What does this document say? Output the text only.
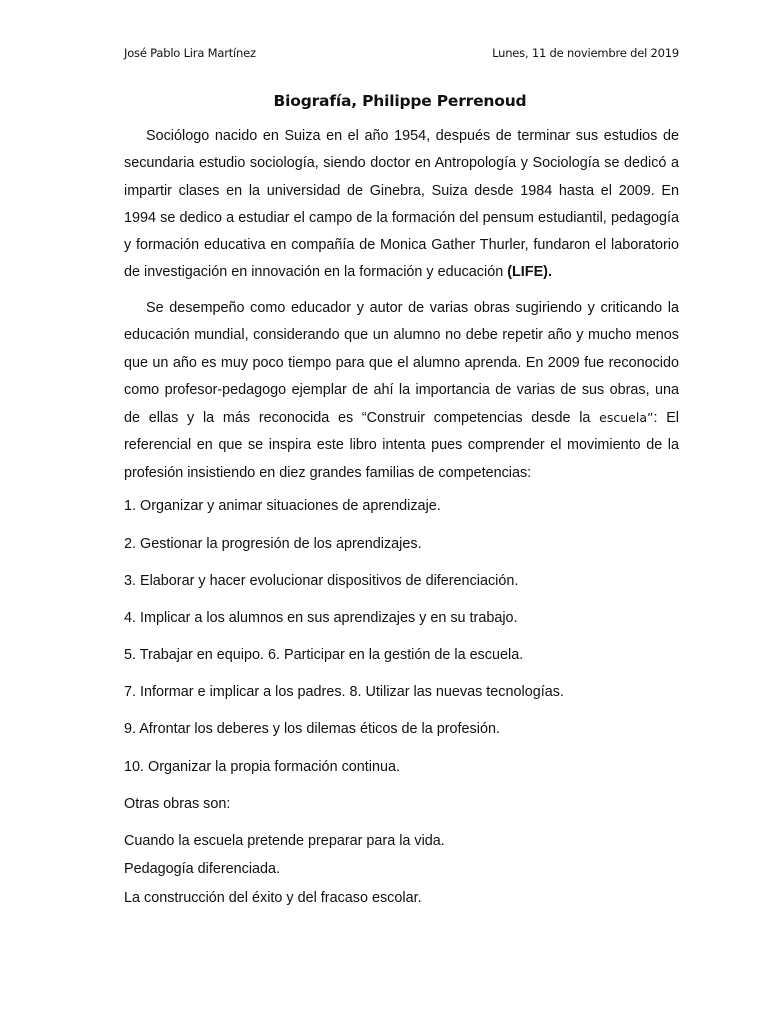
José Pablo Lira Martínez	Lunes, 11 de noviembre del 2019
Biografía, Philippe Perrenoud

Sociólogo nacido en Suiza en el año 1954, después de terminar sus estudios de secundaria estudio sociología, siendo doctor en Antropología y Sociología se dedicó a impartir clases en la universidad de Ginebra, Suiza desde 1984 hasta el 2009. En 1994 se dedico a estudiar el campo de la formación del pensum estudiantil, pedagogía y formación educativa en compañía de Monica Gather Thurler, fundaron el laboratorio de investigación en innovación en la formación y educación (LIFE).

Se desempeño como educador y autor de varias obras sugiriendo y criticando la educación mundial, considerando que un alumno no debe repetir año y mucho menos que un año es muy poco tiempo para que el alumno aprenda. En 2009 fue reconocido como profesor-pedagogo ejemplar de ahí la importancia de varias de sus obras, una de ellas y la más reconocida es “Construir competencias desde la escuela”: El referencial en que se inspira este libro intenta pues comprender el movimiento de la profesión insistiendo en diez grandes familias de competencias:

1. Organizar y animar situaciones de aprendizaje.
2. Gestionar la progresión de los aprendizajes.
3. Elaborar y hacer evolucionar dispositivos de diferenciación.
4. Implicar a los alumnos en sus aprendizajes y en su trabajo.
5. Trabajar en equipo. 6. Participar en la gestión de la escuela.
7. Informar e implicar a los padres. 8. Utilizar las nuevas tecnologías.
9. Afrontar los deberes y los dilemas éticos de la profesión.
10. Organizar la propia formación continua.
Otras obras son:
Cuando la escuela pretende preparar para la vida.
Pedagogía diferenciada.
La construcción del éxito y del fracaso escolar.
